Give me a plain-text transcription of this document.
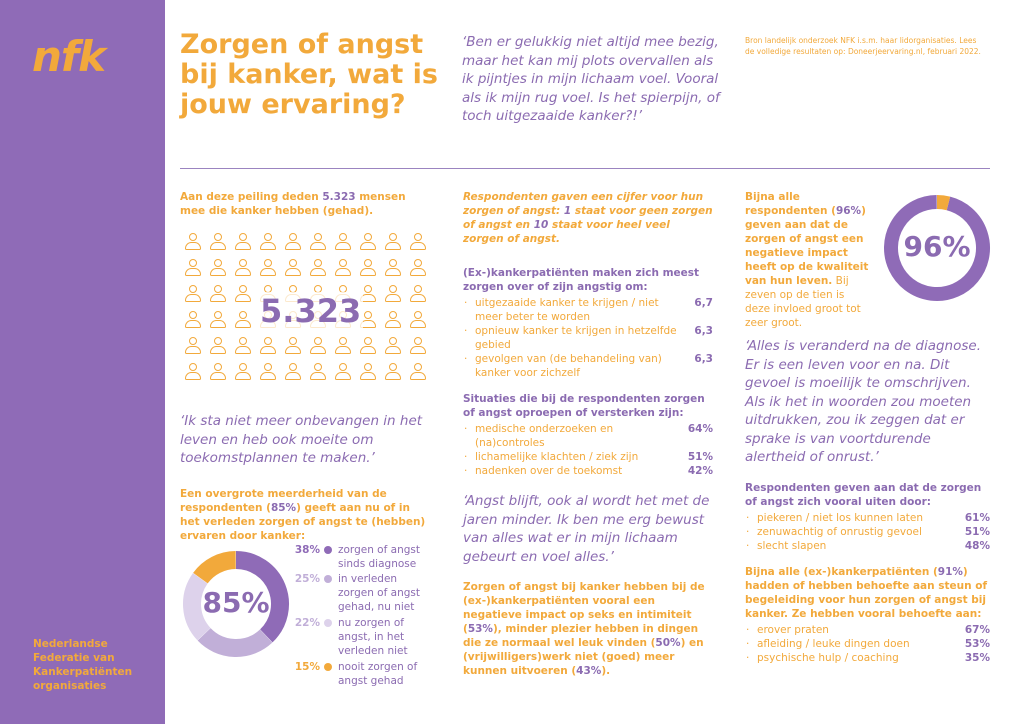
nfk
Nederlandse Federatie van Kankerpatiënten organisaties
Zorgen of angst bij kanker, wat is jouw ervaring?
‘Ben er gelukkig niet altijd mee bezig, maar het kan mij plots overvallen als ik pijntjes in mijn lichaam voel. Vooral als ik mijn rug voel. Is het spierpijn, of toch uitgezaaide kanker?!’
Bron landelijk onderzoek NFK i.s.m. haar lidorganisaties. Lees de volledige resultaten op: Doneerjeervaring.nl, februari 2022.

Aan deze peiling deden 5.323 mensen mee die kanker hebben (gehad).

5.323
‘Ik sta niet meer onbevangen in het leven en heb ook moeite om toekomstplannen te maken.’

Een overgrote meerderheid van de respondenten (85%) geeft aan nu of in het verleden zorgen of angst te (hebben) ervaren door kanker:

85%
38% zorgen of angst sinds diagnose
25% in verleden zorgen of angst gehad, nu niet
22% nu zorgen of angst, in het verleden niet
15% nooit zorgen of angst gehad

Respondenten gaven een cijfer voor hun zorgen of angst: 1 staat voor geen zorgen of angst en 10 staat voor heel veel zorgen of angst.

(Ex-)kankerpatiënten maken zich meest zorgen over of zijn angstig om:

· uitgezaaide kanker te krijgen / niet meer beter te worden
6,7
· opnieuw kanker te krijgen in hetzelfde gebied
6,3
· gevolgen van (de behandeling van) kanker voor zichzelf
6,3

Situaties die bij de respondenten zorgen of angst oproepen of versterken zijn:

· medische onderzoeken en (na)controles
64%
· lichamelijke klachten / ziek zijn	51%
· nadenken over de toekomst	42%
‘Angst blijft, ook al wordt het met de jaren minder. Ik ben me erg bewust van alles wat er in mijn lichaam gebeurt en voel alles.’

Zorgen of angst bij kanker hebben bij de (ex-)kankerpatiënten vooral een negatieve impact op seks en intimiteit (53%), minder plezier hebben in dingen die ze normaal wel leuk vinden (50%) en (vrijwilligers)werk niet (goed) meer kunnen uitvoeren (43%).

Bijna alle respondenten (96%) geven aan dat de zorgen of angst een negatieve impact heeft op de kwaliteit van hun leven. Bij zeven op de tien is deze invloed groot tot zeer groot.

96%
‘Alles is veranderd na de diagnose. Er is een leven voor en na. Dit gevoel is moeilijk te omschrijven. Als ik het in woorden zou moeten uitdrukken, zou ik zeggen dat er sprake is van voortdurende alertheid of onrust.’

Respondenten geven aan dat de zorgen of angst zich vooral uiten door:

· piekeren / niet los kunnen laten	61%
· zenuwachtig of onrustig gevoel	51%
· slecht slapen	48%

Bijna alle (ex-)kankerpatiënten (91%) hadden of hebben behoefte aan steun of begeleiding voor hun zorgen of angst bij kanker. Ze hebben vooral behoefte aan:

· erover praten	67%
· afleiding / leuke dingen doen	53%
· psychische hulp / coaching	35%
